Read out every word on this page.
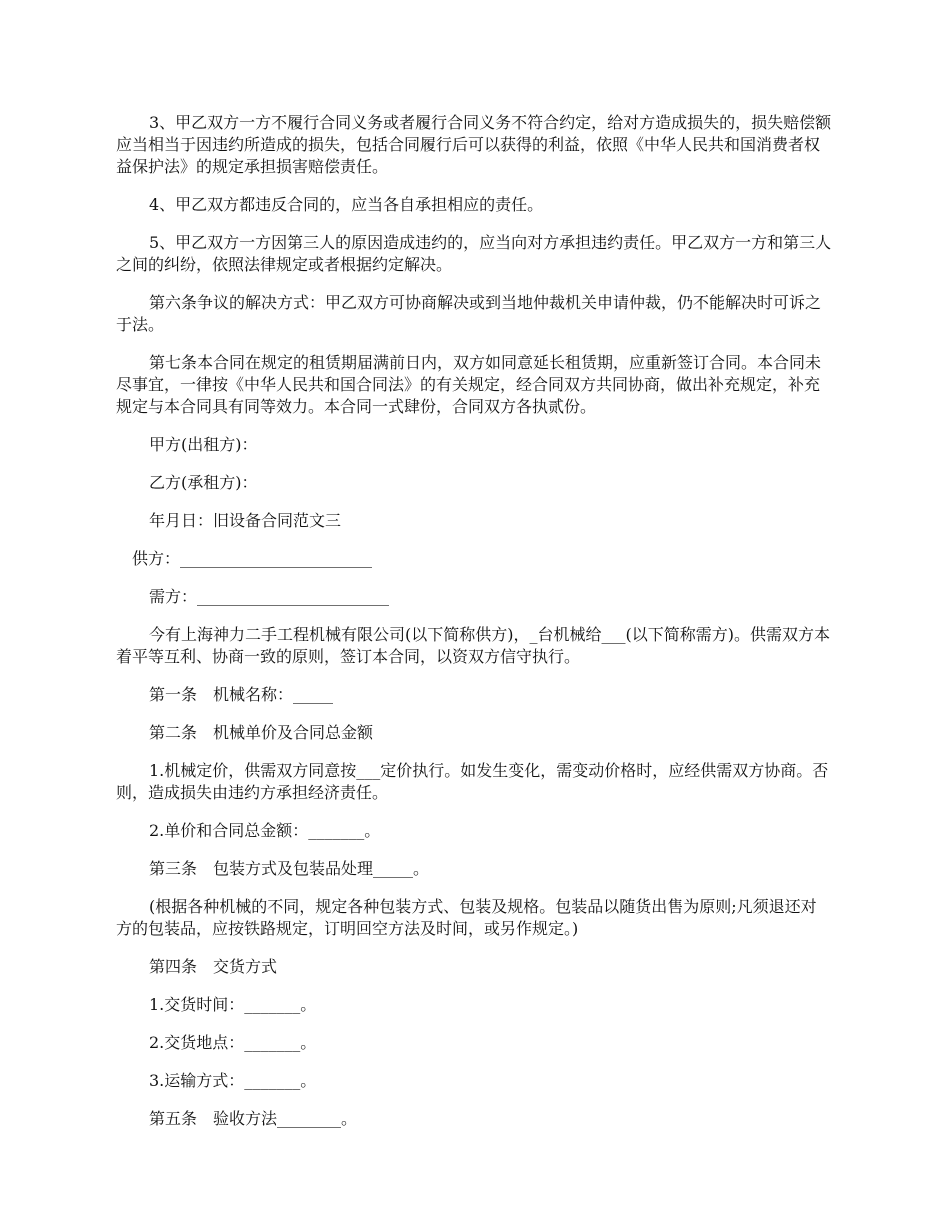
3、甲乙双方一方不履行合同义务或者履行合同义务不符合约定，给对方造成损失的，损失赔偿额应当相当于因违约所造成的损失，包括合同履行后可以获得的利益，依照《中华人民共和国消费者权益保护法》的规定承担损害赔偿责任。

4、甲乙双方都违反合同的，应当各自承担相应的责任。

5、甲乙双方一方因第三人的原因造成违约的，应当向对方承担违约责任。甲乙双方一方和第三人之间的纠纷，依照法律规定或者根据约定解决。

第六条争议的解决方式：甲乙双方可协商解决或到当地仲裁机关申请仲裁，仍不能解决时可诉之于法。

第七条本合同在规定的租赁期届满前日内，双方如同意延长租赁期，应重新签订合同。本合同未尽事宜，一律按《中华人民共和国合同法》的有关规定，经合同双方共同协商，做出补充规定，补充规定与本合同具有同等效力。本合同一式肆份，合同双方各执贰份。

甲方(出租方)：

乙方(承租方)：

年月日：旧设备合同范文三

供方：________________________

需方：________________________

今有上海神力二手工程机械有限公司(以下简称供方)，_台机械给___(以下简称需方)。供需双方本着平等互利、协商一致的原则，签订本合同，以资双方信守执行。

第一条　机械名称：_____

第二条　机械单价及合同总金额

1.机械定价，供需双方同意按___定价执行。如发生变化，需变动价格时，应经供需双方协商。否则，造成损失由违约方承担经济责任。

2.单价和合同总金额：_______。

第三条　包装方式及包装品处理_____。

(根据各种机械的不同，规定各种包装方式、包装及规格。包装品以随货出售为原则;凡须退还对方的包装品，应按铁路规定，订明回空方法及时间，或另作规定。)

第四条　交货方式

1.交货时间：_______。

2.交货地点：_______。

3.运输方式：_______。

第五条　验收方法________。
